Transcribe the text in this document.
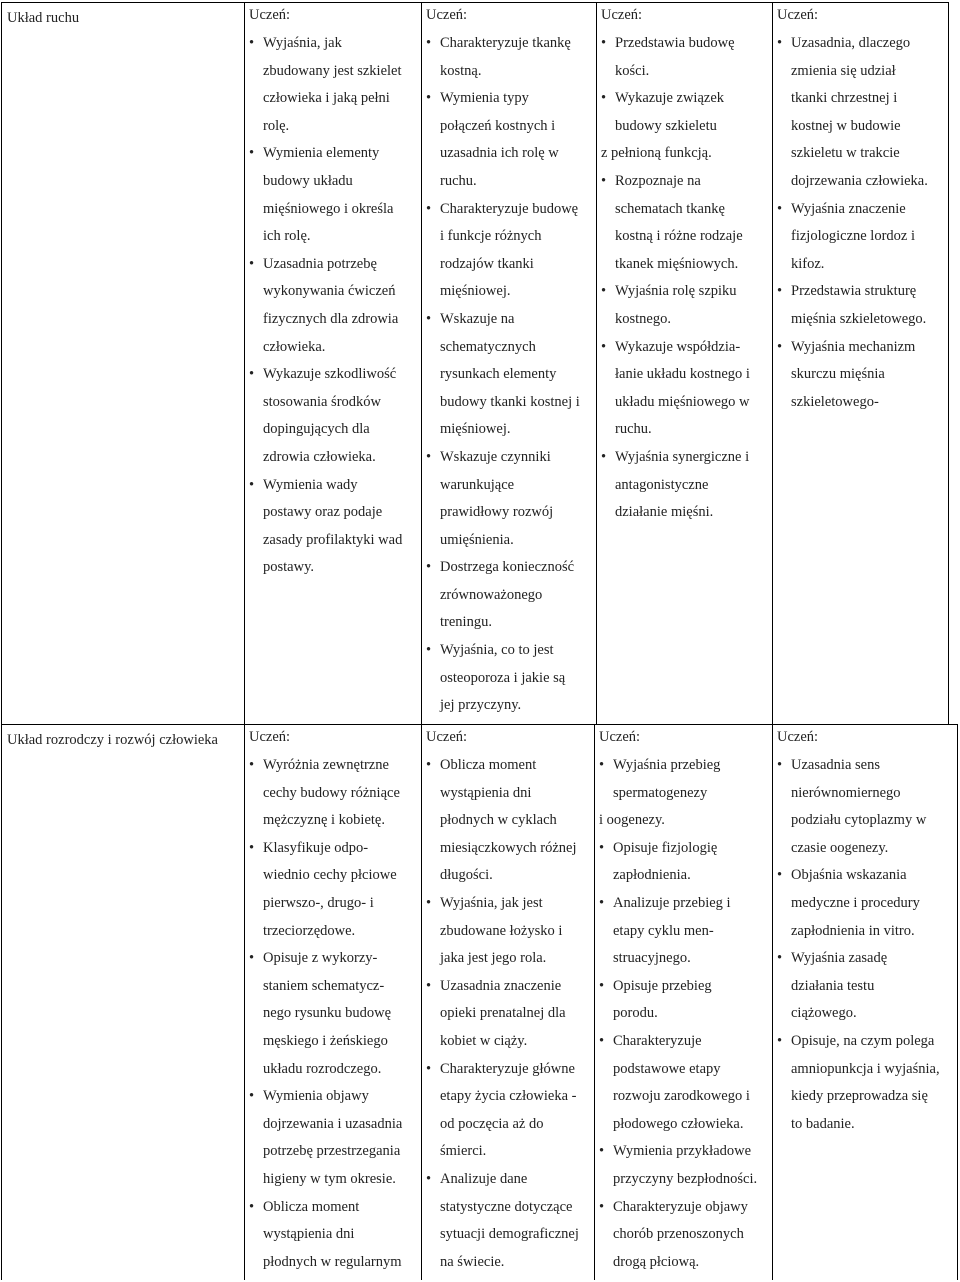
Układ ruchu	Uczeń:
• Wyjaśnia, jak
zbudowany jest szkielet
człowieka i jaką pełni
rolę.
• Wymienia elementy
budowy układu
mięśniowego i określa
ich rolę.
• Uzasadnia potrzebę
wykonywania ćwiczeń
fizycznych dla zdrowia
człowieka.
• Wykazuje szkodliwość
stosowania środków
dopingujących dla
zdrowia człowieka.
• Wymienia wady
postawy oraz podaje
zasady profilaktyki wad
postawy.
Uczeń:
• Charakteryzuje tkankę
kostną.
• Wymienia typy
połączeń kostnych i
uzasadnia ich rolę w
ruchu.
• Charakteryzuje budowę
i funkcje różnych
rodzajów tkanki
mięśniowej.
• Wskazuje na
schematycznych
rysunkach elementy
budowy tkanki kostnej i
mięśniowej.
• Wskazuje czynniki
warunkujące
prawidłowy rozwój
umięśnienia.
• Dostrzega konieczność
zrównoważonego
treningu.
• Wyjaśnia, co to jest
osteoporoza i jakie są
jej przyczyny.
Uczeń:
• Przedstawia budowę
kości.
• Wykazuje związek
budowy szkieletu
z pełnioną funkcją.
• Rozpoznaje na
schematach tkankę
kostną i różne rodzaje
tkanek mięśniowych.
• Wyjaśnia rolę szpiku
kostnego.
• Wykazuje współdzia-
łanie układu kostnego i
układu mięśniowego w
ruchu.
• Wyjaśnia synergiczne i
antagonistyczne
działanie mięśni.
Uczeń:
• Uzasadnia, dlaczego
zmienia się udział
tkanki chrzestnej i
kostnej w budowie
szkieletu w trakcie
dojrzewania człowieka.
• Wyjaśnia znaczenie
fizjologiczne lordoz i
kifoz.
• Przedstawia strukturę
mięśnia szkieletowego.
• Wyjaśnia mechanizm
skurczu mięśnia
szkieletowego-
Układ rozrodczy i rozwój człowieka Uczeń:
• Wyróżnia zewnętrzne
cechy budowy różniące
mężczyznę i kobietę.
• Klasyfikuje odpo-
wiednio cechy płciowe
pierwszo-, drugo- i
trzeciorzędowe.
• Opisuje z wykorzy-
staniem schematycz-
nego rysunku budowę
męskiego i żeńskiego
układu rozrodczego.
• Wymienia objawy
dojrzewania i uzasadnia
potrzebę przestrzegania
higieny w tym okresie.
• Oblicza moment
wystąpienia dni
płodnych w regularnym
Uczeń:
• Oblicza moment
wystąpienia dni
płodnych w cyklach
miesiączkowych różnej
długości.
• Wyjaśnia, jak jest
zbudowane łożysko i
jaka jest jego rola.
• Uzasadnia znaczenie
opieki prenatalnej dla
kobiet w ciąży.
• Charakteryzuje główne
etapy życia człowieka -
od poczęcia aż do
śmierci.
• Analizuje dane
statystyczne dotyczące
sytuacji demograficznej
na świecie.
Uczeń:
• Wyjaśnia przebieg
spermatogenezy
i oogenezy.
• Opisuje fizjologię
zapłodnienia.
• Analizuje przebieg i
etapy cyklu men-
struacyjnego.
• Opisuje przebieg
porodu.
• Charakteryzuje
podstawowe etapy
rozwoju zarodkowego i
płodowego człowieka.
• Wymienia przykładowe
przyczyny bezpłodności.
• Charakteryzuje objawy
chorób przenoszonych
drogą płciową.
Uczeń:
• Uzasadnia sens
nierównomiernego
podziału cytoplazmy w
czasie oogenezy.
• Objaśnia wskazania
medyczne i procedury
zapłodnienia in vitro.
• Wyjaśnia zasadę
działania testu
ciążowego.
• Opisuje, na czym polega
amniopunkcja i wyjaśnia,
kiedy przeprowadza się
to badanie.
